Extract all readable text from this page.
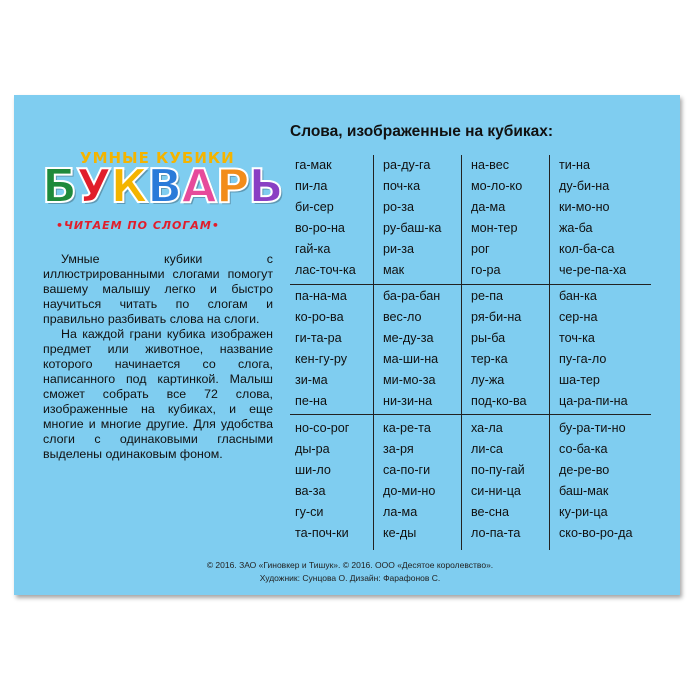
УМНЫЕ КУБИКИ
БУКВАРЬ
•ЧИТАЕМ ПО СЛОГАМ•

Умные кубики с иллюстрированными слогами помогут вашему малышу легко и быстро научиться читать по слогам и правильно разбивать слова на слоги.

На каждой грани кубика изображен предмет или животное, название которого начинается со слога, написанного под картинкой. Малыш сможет собрать все 72 слова, изображенные на кубиках, и еще многие и многие другие. Для удобства слоги с одинаковыми гласными выделены одинаковым фоном.

Слова, изображенные на кубиках:
га-мак
пи-ла
би-сер
во-ро-на
гай-ка
лас-точ-ка
ра-ду-га
поч-ка
ро-за
ру-баш-ка
ри-за
мак
на-вес
мо-ло-ко
да-ма
мон-тер
рог
го-ра
ти-на
ду-би-на
ки-мо-но
жа-ба
кол-ба-са
че-ре-па-ха
па-на-ма
ко-ро-ва
ги-та-ра
кен-гу-ру
зи-ма
пе-на
ба-ра-бан
вес-ло
ме-ду-за
ма-ши-на
ми-мо-за
ни-зи-на
ре-па
ря-би-на
ры-ба
тер-ка
лу-жа
под-ко-ва
бан-ка
сер-на
точ-ка
пу-га-ло
ша-тер
ца-ра-пи-на
но-со-рог
ды-ра
ши-ло
ва-за
гу-си
та-поч-ки
ка-ре-та
за-ря
са-по-ги
до-ми-но
ла-ма
ке-ды
ха-ла
ли-са
по-пу-гай
си-ни-ца
ве-сна
ло-па-та
бу-ра-ти-но
со-ба-ка
де-ре-во
баш-мак
ку-ри-ца
ско-во-ро-да
© 2016. ЗАО «Гиновкер и Тишук». © 2016. ООО «Десятое королевство».
Художник: Сунцова О. Дизайн: Фарафонов С.
